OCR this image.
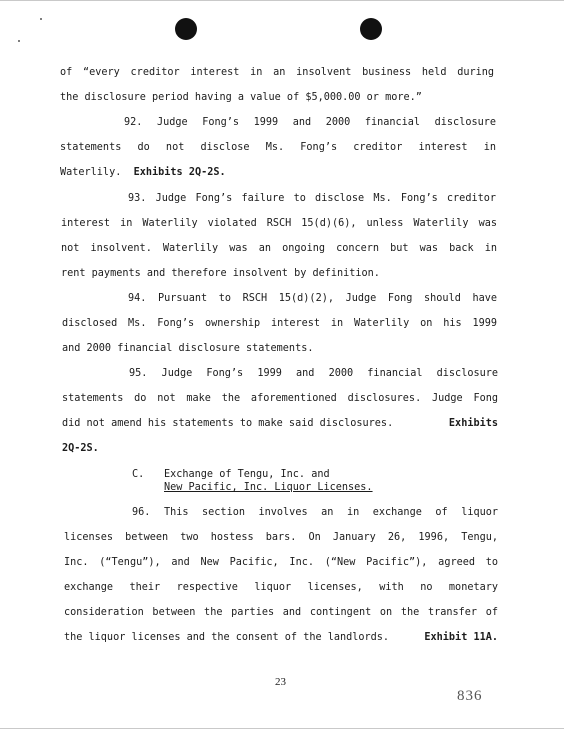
of “every creditor interest in an insolvent business held during
the disclosure period having a value of $5,000.00 or more.”
92. Judge Fong’s 1999 and 2000 financial disclosure
statements do not disclose Ms. Fong’s creditor interest in
Waterlily. Exhibits 2Q-2S.
93. Judge Fong’s failure to disclose Ms. Fong’s creditor
interest in Waterlily violated RSCH 15(d)(6), unless Waterlily was
not insolvent. Waterlily was an ongoing concern but was back in
rent payments and therefore insolvent by definition.
94. Pursuant to RSCH 15(d)(2), Judge Fong should have
disclosed Ms. Fong’s ownership interest in Waterlily on his 1999
and 2000 financial disclosure statements.
95. Judge Fong’s 1999 and 2000 financial disclosure
statements do not make the aforementioned disclosures. Judge Fong
did not amend his statements to make said disclosures.	Exhibits
2Q-2S.
C. Exchange of Tengu, Inc. and
New Pacific, Inc. Liquor Licenses.
96. This section involves an in exchange of liquor
licenses between two hostess bars. On January 26, 1996, Tengu,
Inc. (“Tengu”), and New Pacific, Inc. (“New Pacific”), agreed to
exchange their respective liquor licenses, with no monetary
consideration between the parties and contingent on the transfer of
the liquor licenses and the consent of the landlords.	Exhibit 11A.
23
836
